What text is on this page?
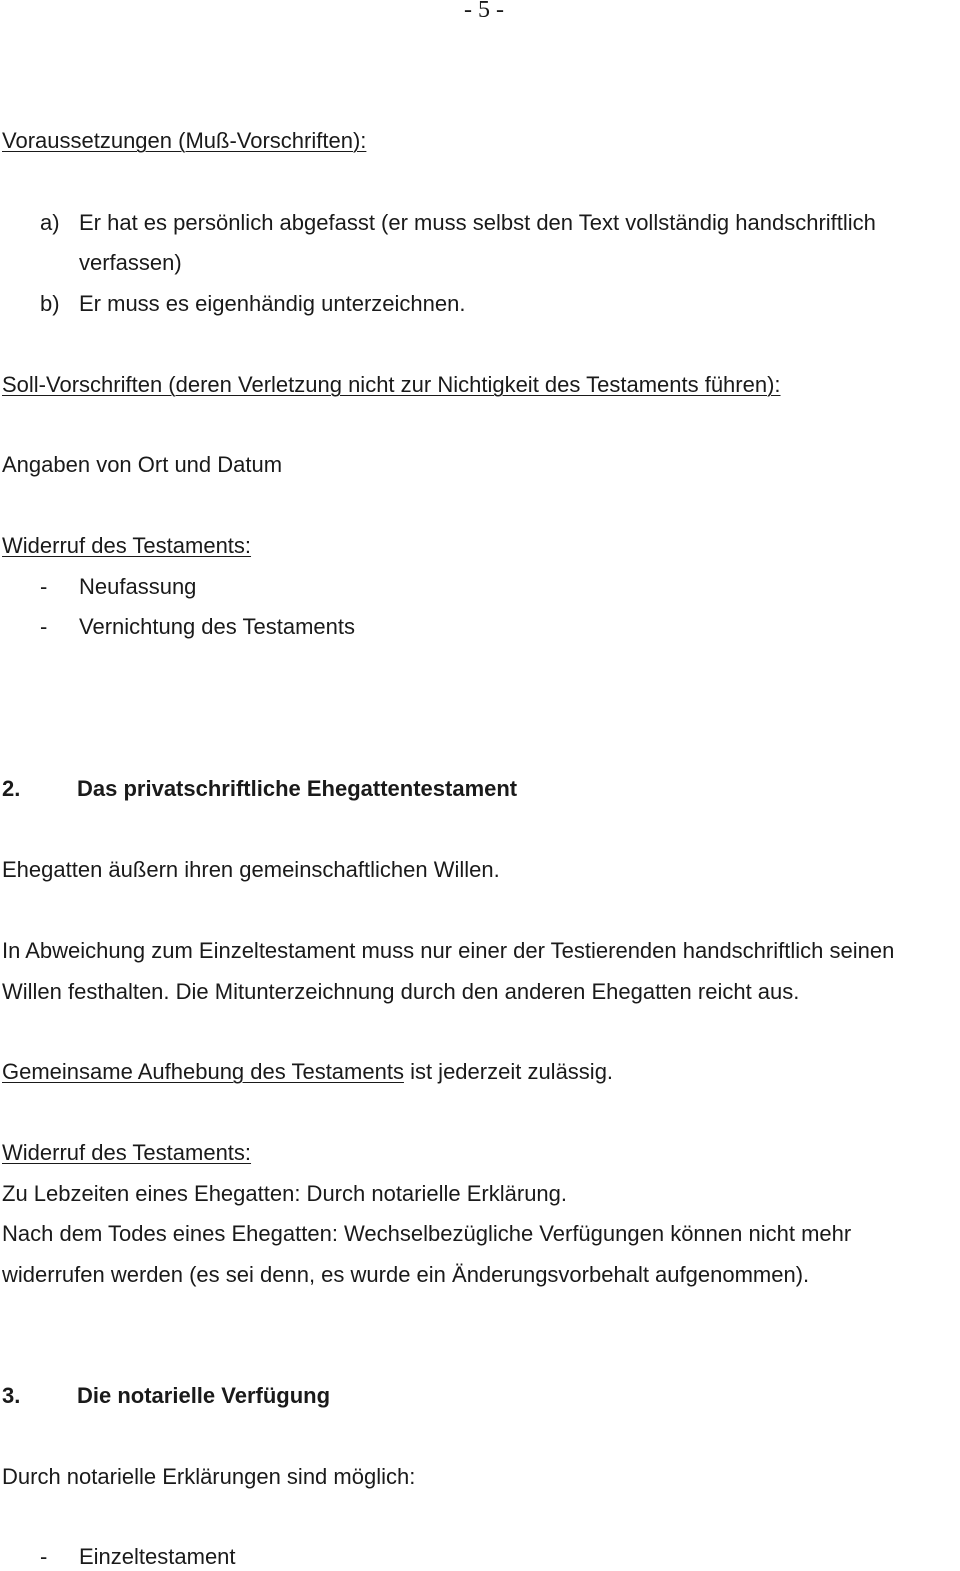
- 5 -
Voraussetzungen (Muß-Vorschriften):
a) Er hat es persönlich abgefasst (er muss selbst den Text vollständig handschriftlich
verfassen)
b) Er muss es eigenhändig unterzeichnen.
Soll-Vorschriften (deren Verletzung nicht zur Nichtigkeit des Testaments führen):
Angaben von Ort und Datum
Widerruf des Testaments:
- Neufassung
- Vernichtung des Testaments
2.	Das privatschriftliche Ehegattentestament
Ehegatten äußern ihren gemeinschaftlichen Willen.
In Abweichung zum Einzeltestament muss nur einer der Testierenden handschriftlich seinen
Willen festhalten. Die Mitunterzeichnung durch den anderen Ehegatten reicht aus.
Gemeinsame Aufhebung des Testaments ist jederzeit zulässig.
Widerruf des Testaments:
Zu Lebzeiten eines Ehegatten: Durch notarielle Erklärung.
Nach dem Todes eines Ehegatten: Wechselbezügliche Verfügungen können nicht mehr
widerrufen werden (es sei denn, es wurde ein Änderungsvorbehalt aufgenommen).
3.	Die notarielle Verfügung
Durch notarielle Erklärungen sind möglich:
- Einzeltestament
